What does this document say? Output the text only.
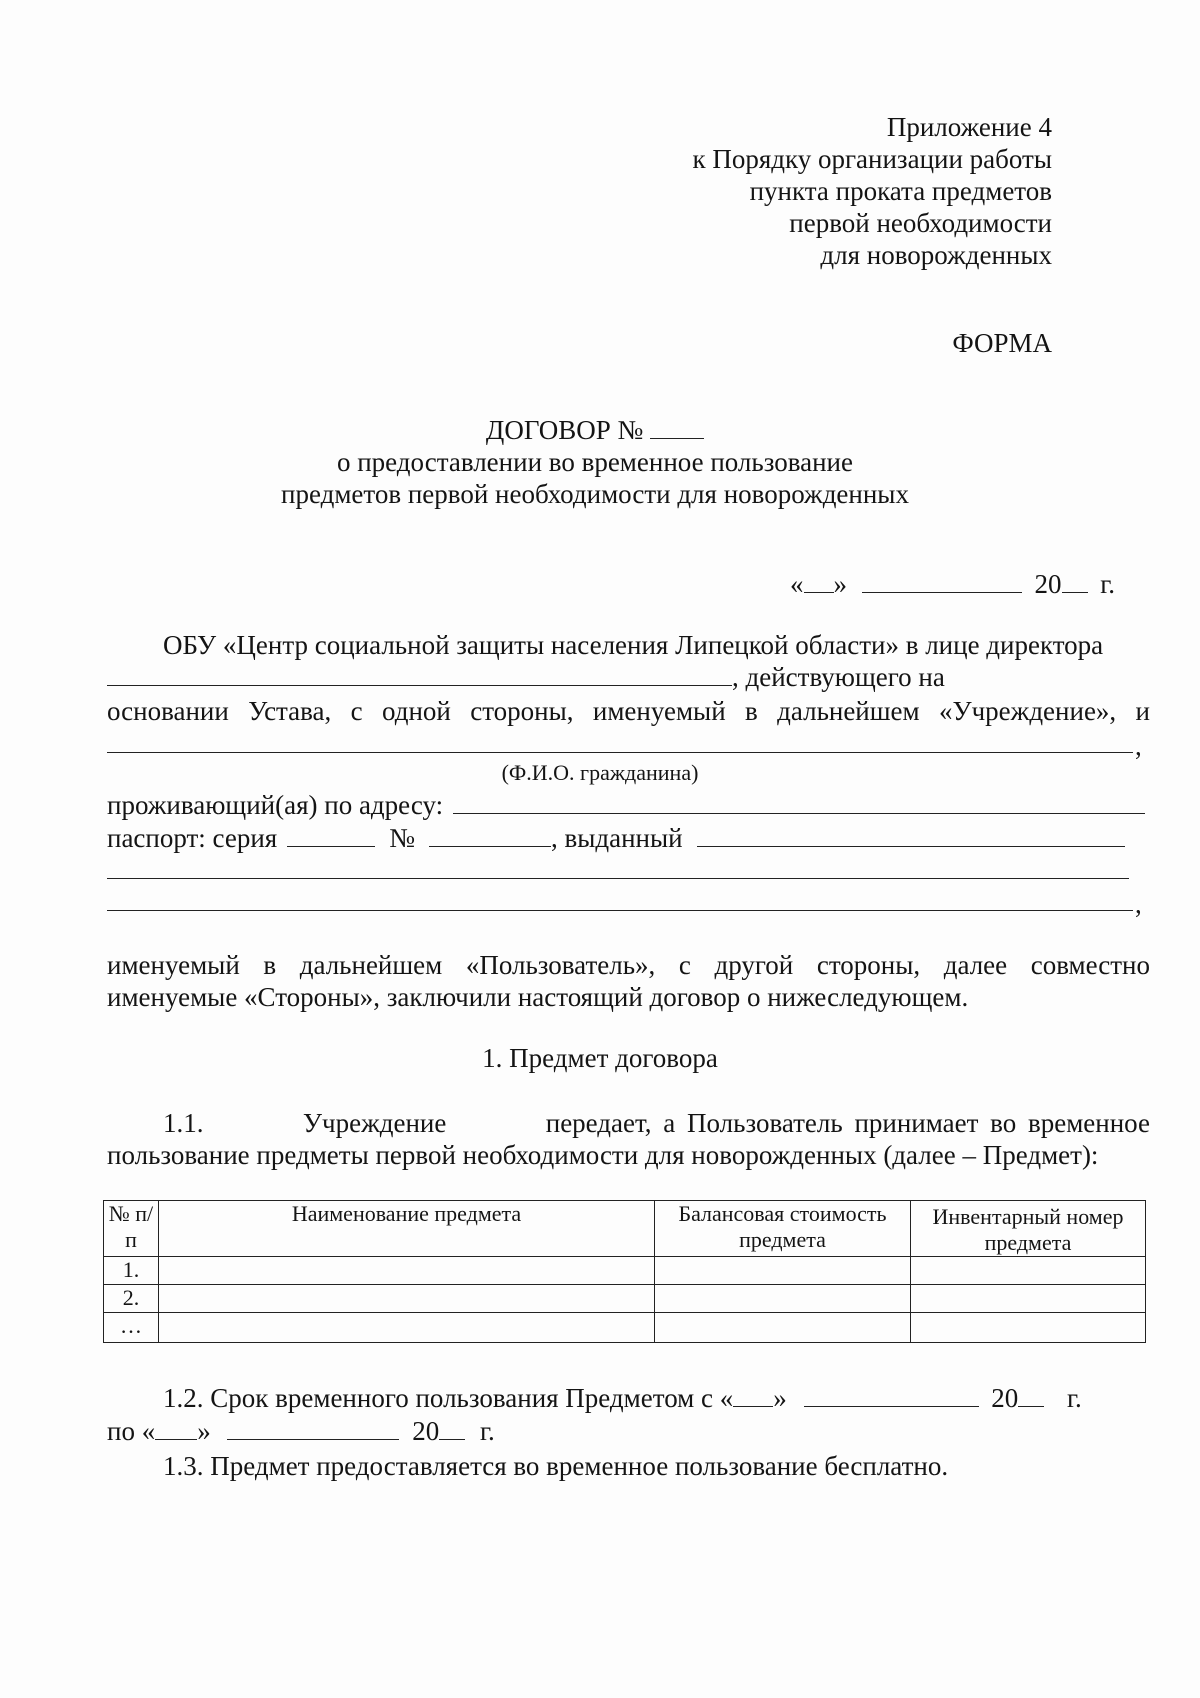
Приложение 4
к Порядку организации работы
пункта проката предметов
первой необходимости
для новорожденных
ФОРМА
ДОГОВОР №
о предоставлении во временное пользование
предметов первой необходимости для новорожденных
« »	20 г.
ОБУ «Центр социальной защиты населения Липецкой области» в лице директора
, действующего на
основании Устава, с одной стороны, именуемый в дальнейшем «Учреждение», и
,
(Ф.И.О. гражданина)
проживающий(ая) по адресу:
паспорт: серия	№	, выданный
,
именуемый в дальнейшем «Пользователь», с другой стороны, далее совместно именуемые «Стороны», заключили настоящий договор о нижеследующем.
1. Предмет договора
1.1.	Учреждение	передает, а Пользователь принимает во временное
пользование предметы первой необходимости для новорожденных (далее – Предмет):
№ п/п	Наименование предмета	Балансовая стоимость предмета	Инвентарный номер предмета
1.			
2.			
…			
1.2. Срок временного пользования Предметом с « »	20 г.
по « »	20 г.
1.3. Предмет предоставляется во временное пользование бесплатно.
